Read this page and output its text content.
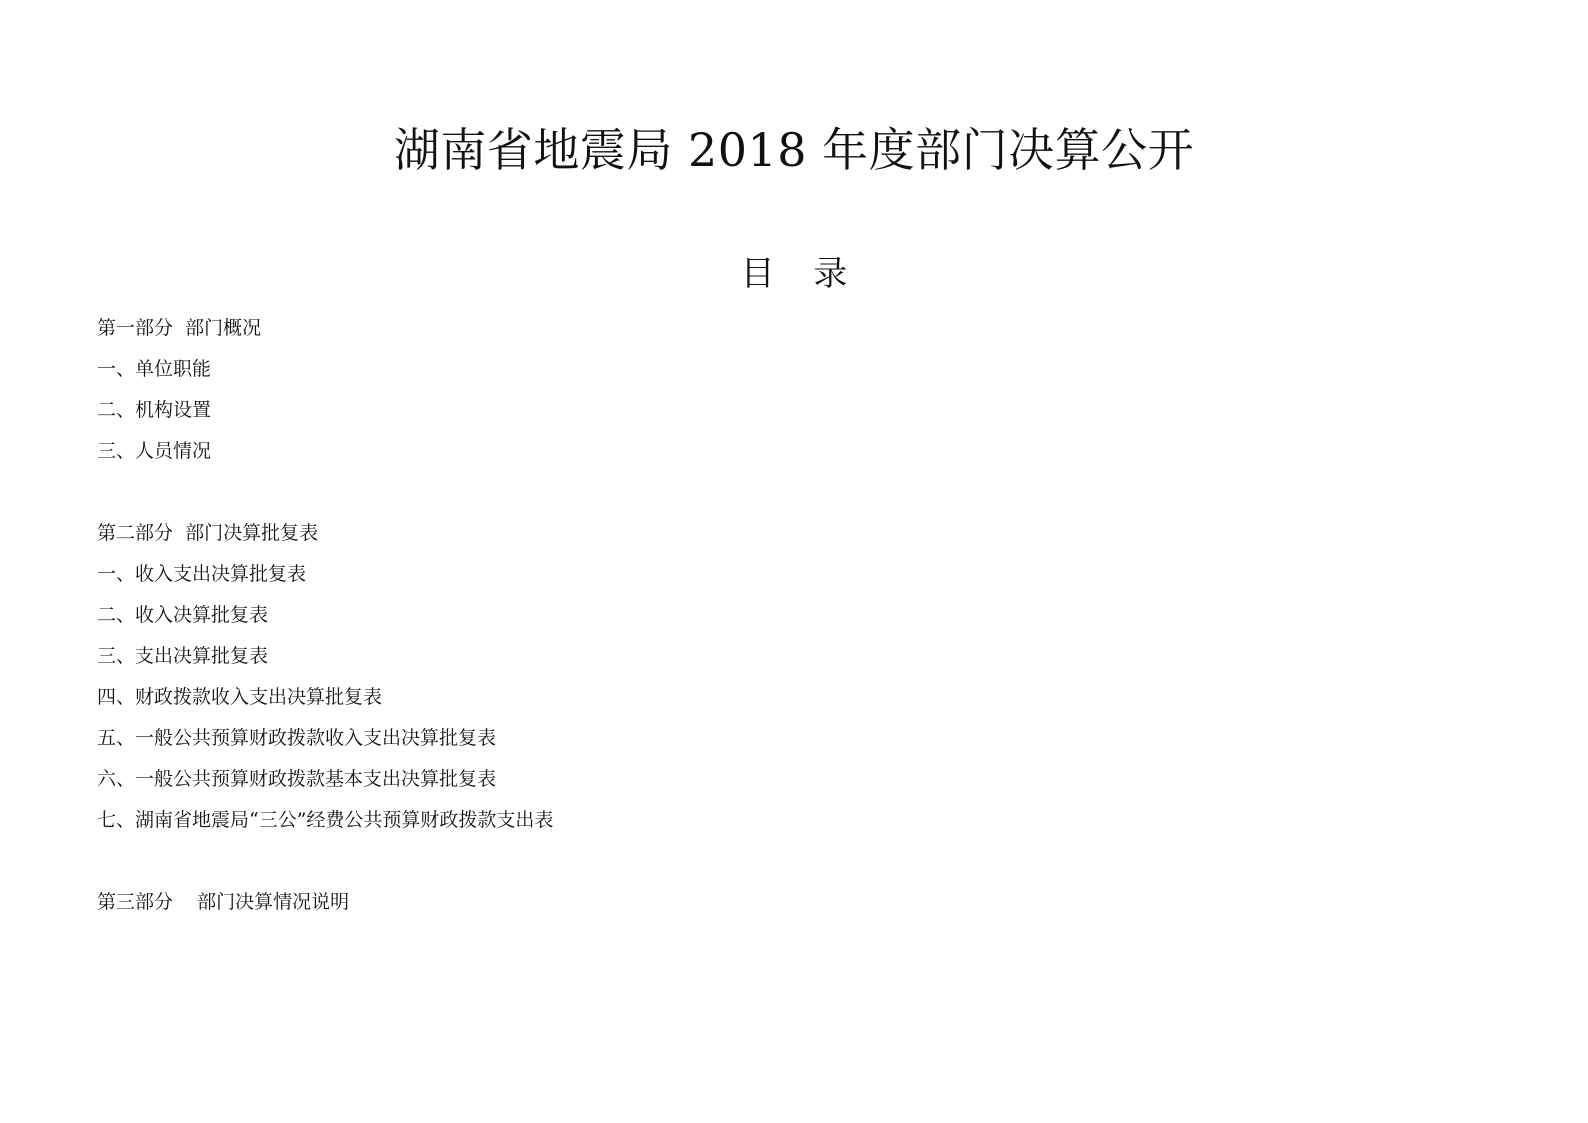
湖南省地震局 2018 年度部门决算公开
目 录

第一部分  部门概况

一、单位职能

二、机构设置

三、人员情况

第二部分  部门决算批复表

一、收入支出决算批复表

二、收入决算批复表

三、支出决算批复表

四、财政拨款收入支出决算批复表

五、一般公共预算财政拨款收入支出决算批复表

六、一般公共预算财政拨款基本支出决算批复表

七、湖南省地震局“三公”经费公共预算财政拨款支出表

第三部分    部门决算情况说明
